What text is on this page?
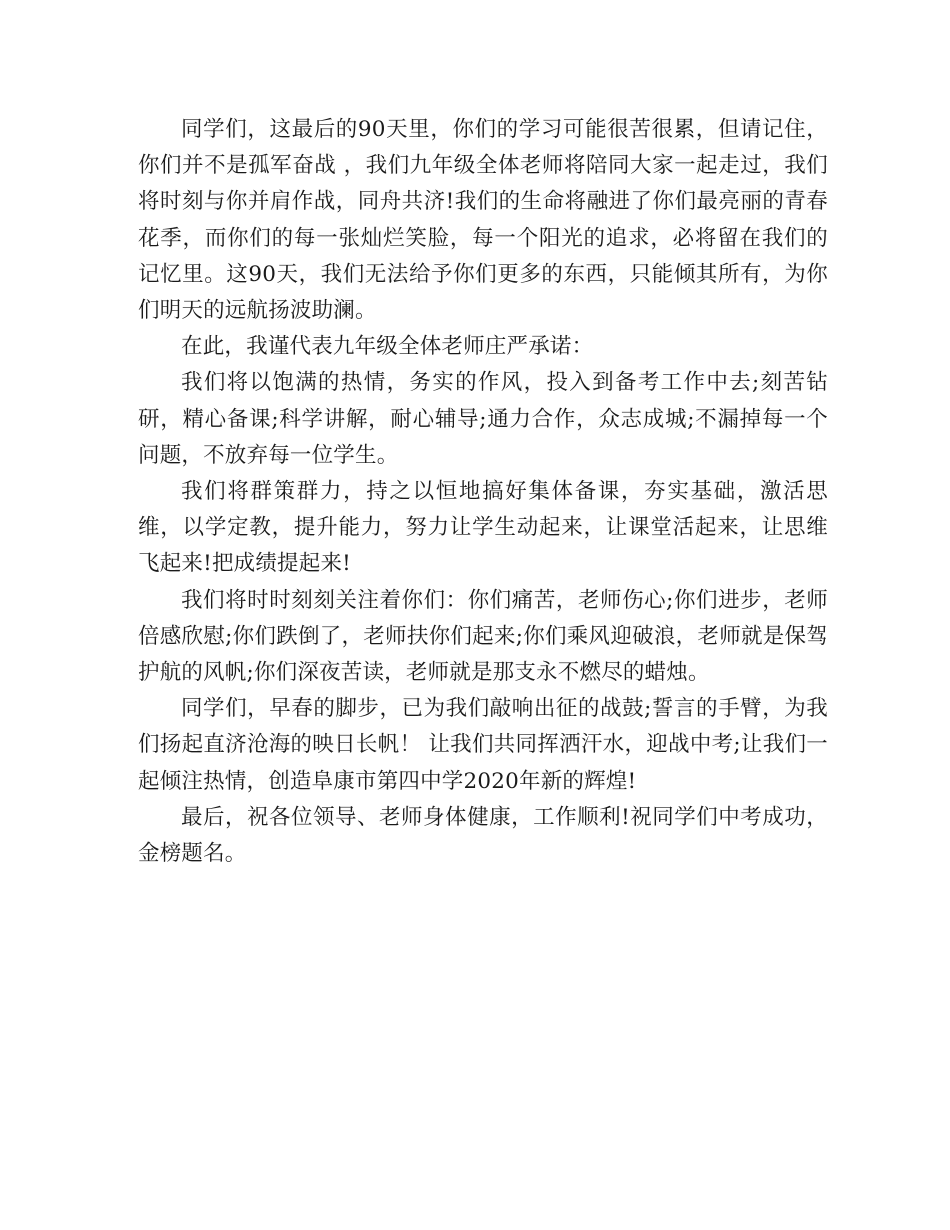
同学们，这最后的90天里，你们的学习可能很苦很累，但请记住，你们并不是孤军奋战 ，我们九年级全体老师将陪同大家一起走过，我们将时刻与你并肩作战，同舟共济!我们的生命将融进了你们最亮丽的青春花季，而你们的每一张灿烂笑脸，每一个阳光的追求，必将留在我们的记忆里。这90天，我们无法给予你们更多的东西，只能倾其所有，为你们明天的远航扬波助澜。

在此，我谨代表九年级全体老师庄严承诺：

我们将以饱满的热情，务实的作风，投入到备考工作中去;刻苦钻研，精心备课;科学讲解，耐心辅导;通力合作，众志成城;不漏掉每一个问题，不放弃每一位学生。

我们将群策群力，持之以恒地搞好集体备课，夯实基础，激活思维，以学定教，提升能力，努力让学生动起来，让课堂活起来，让思维飞起来!把成绩提起来!

我们将时时刻刻关注着你们：你们痛苦，老师伤心;你们进步，老师倍感欣慰;你们跌倒了，老师扶你们起来;你们乘风迎破浪，老师就是保驾护航的风帆;你们深夜苦读，老师就是那支永不燃尽的蜡烛。

同学们，早春的脚步，已为我们敲响出征的战鼓;誓言的手臂，为我们扬起直济沧海的映日长帆！ 让我们共同挥洒汗水，迎战中考;让我们一起倾注热情，创造阜康市第四中学2020年新的辉煌!

最后，祝各位领导、老师身体健康，工作顺利!祝同学们中考成功，金榜题名。
